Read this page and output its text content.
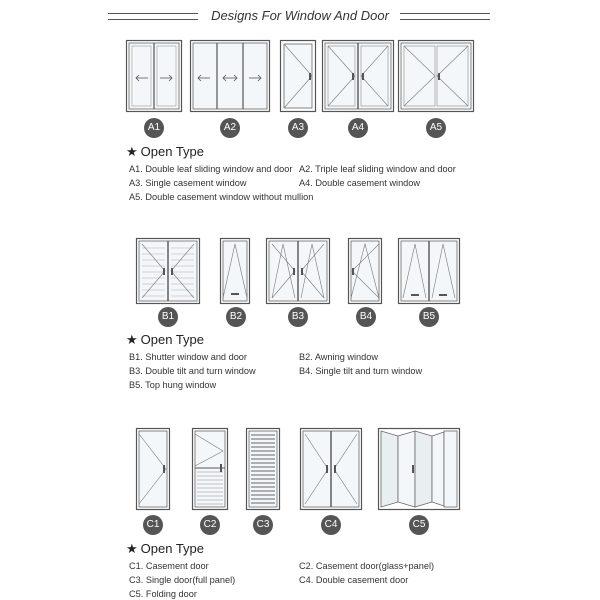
Designs For Window And Door
A1	A2	A3	A4	A5
★ Open Type
A1. Double leaf sliding window and door A2. Triple leaf sliding window and door
A3. Single casement window	A4. Double casement window
A5. Double casement window without mullion
B1	B2	B3	B4	B5
★ Open Type
B1. Shutter window and door	B2. Awning window
B3. Double tilt and turn window	B4. Single tilt and turn window
B5. Top hung window
C1	C2	C3	C4	C5
★ Open Type
C1. Casement door	C2. Casement door(glass+panel)
C3. Single door(full panel)	C4. Double casement door
C5. Folding door
